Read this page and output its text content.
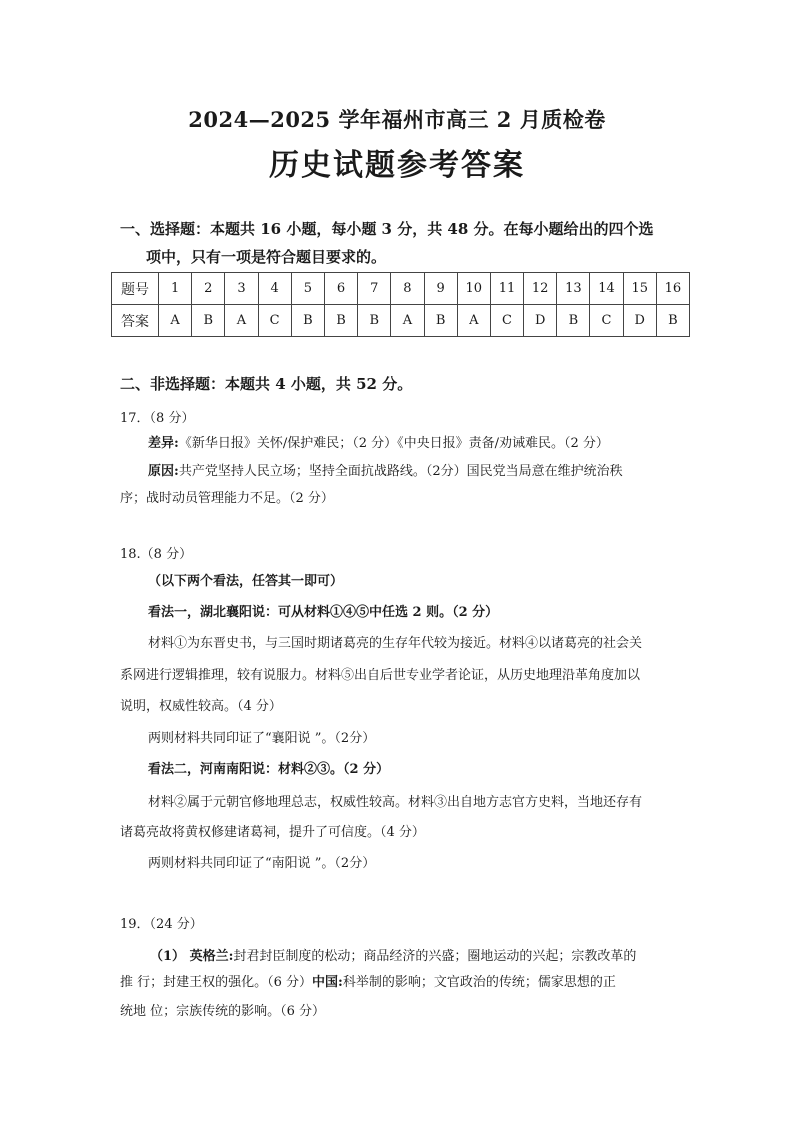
2024—2025 学年福州市高三 2 月质检卷
历史试题参考答案
一、选择题：本题共 16 小题，每小题 3 分，共 48 分。在每小题给出的四个选
项中，只有一项是符合题目要求的。
题号	1	2	3	4	5	6	7	8	9	10	11	12	13	14	15	16
答案	A	B	A	C	B	B	B	A	B	A	C	D	B	C	D	B
二、非选择题：本题共 4 小题，共 52 分。

17．（8 分）

差异:《新华日报》关怀/保护难民；（2 分）《中央日报》责备/劝诫难民。（2 分）

原因:共产党坚持人民立场；坚持全面抗战路线。（2分）国民党当局意在维护统治秩

序；战时动员管理能力不足。（2 分）

18.（8 分）

（以下两个看法，任答其一即可）

看法一，湖北襄阳说：可从材料①④⑤中任选 2 则。（2 分）

材料①为东晋史书，与三国时期诸葛亮的生存年代较为接近。材料④以诸葛亮的社会关

系网进行逻辑推理，较有说服力。材料⑤出自后世专业学者论证，从历史地理沿革角度加以

说明，权威性较高。（4 分）

两则材料共同印证了“襄阳说 ”。（2分）

看法二，河南南阳说：材料②③。（2 分）

材料②属于元朝官修地理总志，权威性较高。材料③出自地方志官方史料，当地还存有

诸葛亮故将黄权修建诸葛祠，提升了可信度。（4 分）

两则材料共同印证了“南阳说 ”。（2分）

19．（24 分）

（1） 英格兰:封君封臣制度的松动；商品经济的兴盛；圈地运动的兴起；宗教改革的

推 行；封建王权的强化。（6 分）中国:科举制的影响；文官政治的传统；儒家思想的正

统地 位；宗族传统的影响。（6 分）
